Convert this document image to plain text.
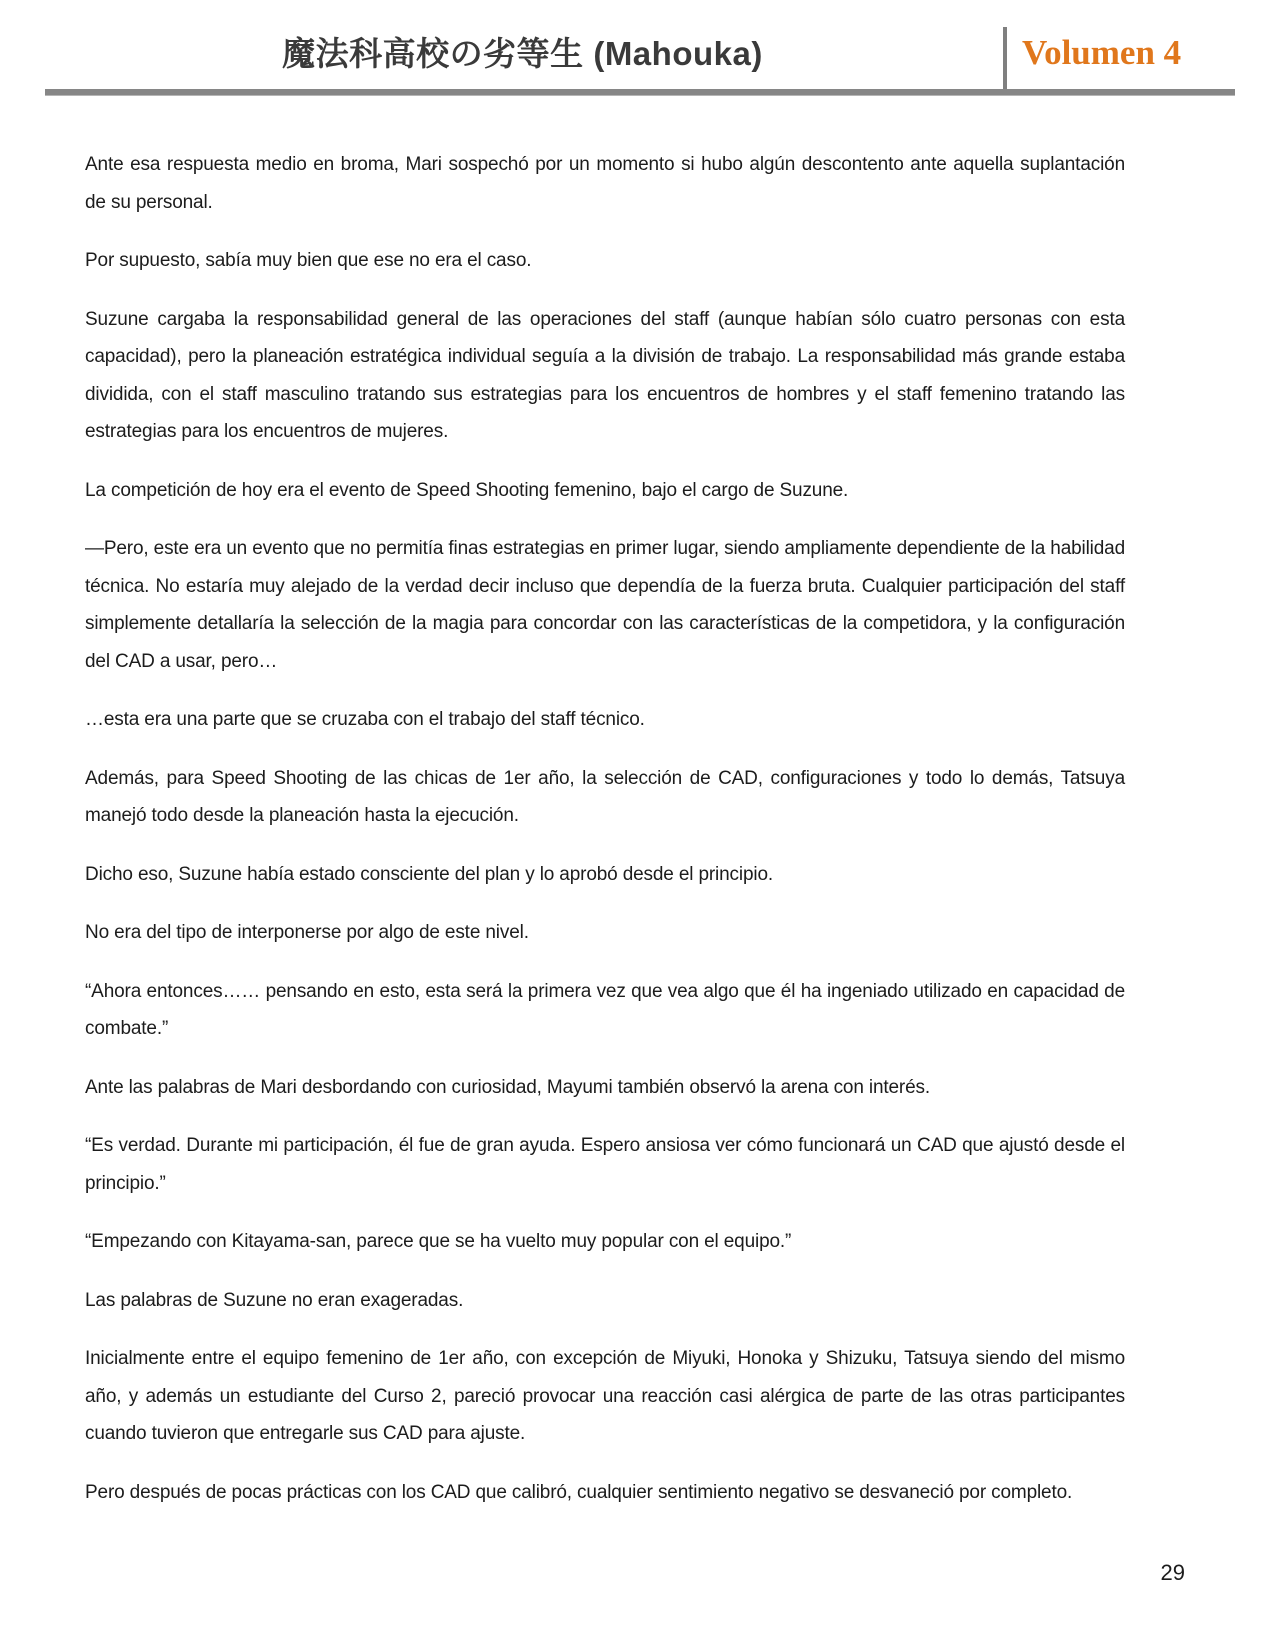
魔法科高校の劣等生 (Mahouka)	Volumen 4

Ante esa respuesta medio en broma, Mari sospechó por un momento si hubo algún descontento ante aquella suplantación de su personal.

Por supuesto, sabía muy bien que ese no era el caso.

Suzune cargaba la responsabilidad general de las operaciones del staff (aunque habían sólo cuatro personas con esta capacidad), pero la planeación estratégica individual seguía a la división de trabajo. La responsabilidad más grande estaba dividida, con el staff masculino tratando sus estrategias para los encuentros de hombres y el staff femenino tratando las estrategias para los encuentros de mujeres.

La competición de hoy era el evento de Speed Shooting femenino, bajo el cargo de Suzune.

—Pero, este era un evento que no permitía finas estrategias en primer lugar, siendo ampliamente dependiente de la habilidad técnica. No estaría muy alejado de la verdad decir incluso que dependía de la fuerza bruta. Cualquier participación del staff simplemente detallaría la selección de la magia para concordar con las características de la competidora, y la configuración del CAD a usar, pero…

…esta era una parte que se cruzaba con el trabajo del staff técnico.

Además, para Speed Shooting de las chicas de 1er año, la selección de CAD, configuraciones y todo lo demás, Tatsuya manejó todo desde la planeación hasta la ejecución.

Dicho eso, Suzune había estado consciente del plan y lo aprobó desde el principio.

No era del tipo de interponerse por algo de este nivel.

“Ahora entonces…… pensando en esto, esta será la primera vez que vea algo que él ha ingeniado utilizado en capacidad de combate.”

Ante las palabras de Mari desbordando con curiosidad, Mayumi también observó la arena con interés.

“Es verdad. Durante mi participación, él fue de gran ayuda. Espero ansiosa ver cómo funcionará un CAD que ajustó desde el principio.”

“Empezando con Kitayama-san, parece que se ha vuelto muy popular con el equipo.”

Las palabras de Suzune no eran exageradas.

Inicialmente entre el equipo femenino de 1er año, con excepción de Miyuki, Honoka y Shizuku, Tatsuya siendo del mismo año, y además un estudiante del Curso 2, pareció provocar una reacción casi alérgica de parte de las otras participantes cuando tuvieron que entregarle sus CAD para ajuste.

Pero después de pocas prácticas con los CAD que calibró, cualquier sentimiento negativo se desvaneció por completo.

29
